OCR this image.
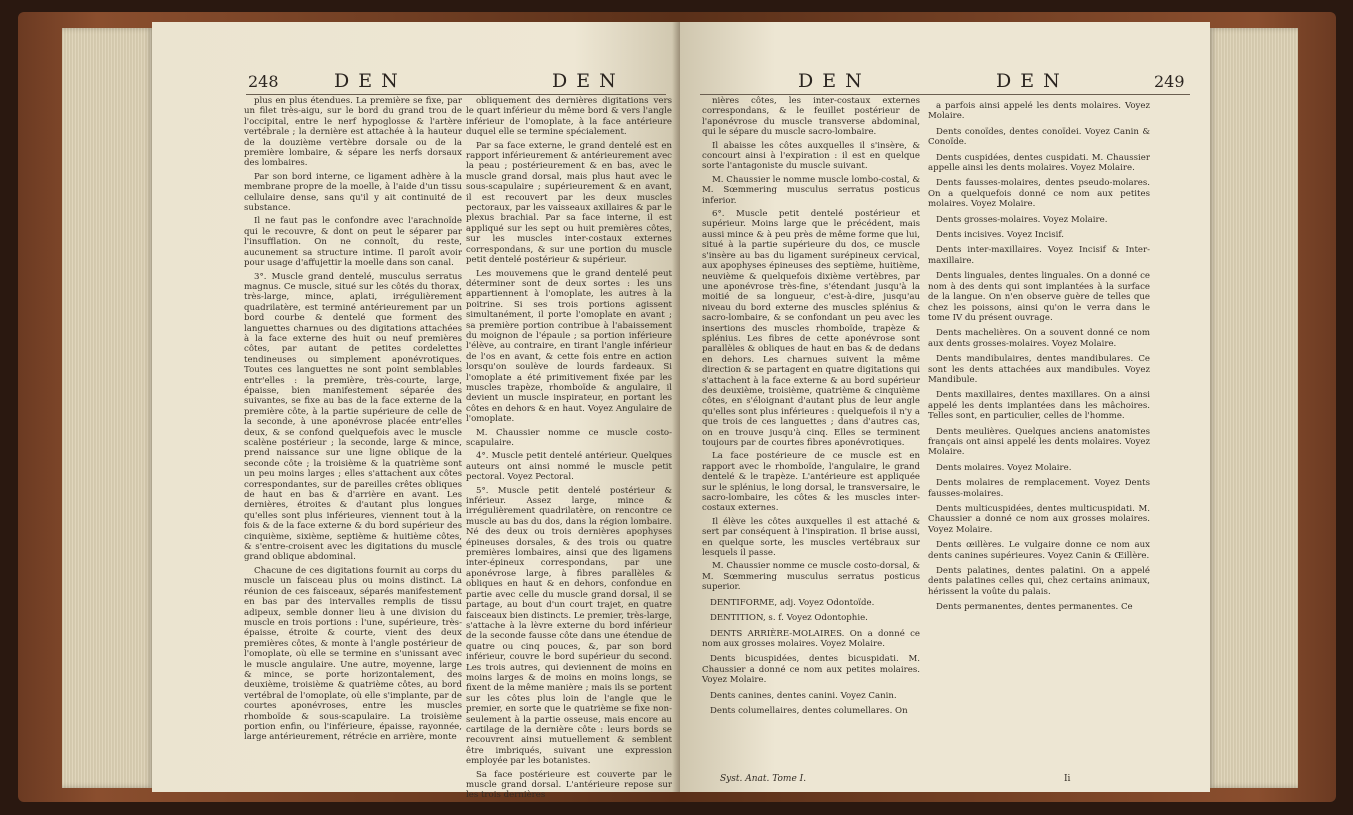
248	DEN	DEN

plus en plus étendues. La première se fixe, par un filet très-aigu, sur le bord du grand trou de l'occipital, entre le nerf hypoglosse & l'artère vertébrale ; la dernière est attachée à la hauteur de la douzième vertèbre dorsale ou de la première lombaire, & sépare les nerfs dorsaux des lombaires.

Par son bord interne, ce ligament adhère à la membrane propre de la moelle, à l'aide d'un tissu cellulaire dense, sans qu'il y ait continuité de substance.

Il ne faut pas le confondre avec l'arachnoïde qui le recouvre, & dont on peut le séparer par l'insufflation. On ne connoît, du reste, aucunement sa structure intime. Il paroît avoir pour usage d'affujettir la moelle dans son canal.

3°. Muscle grand dentelé, musculus serratus magnus. Ce muscle, situé sur les côtés du thorax, très-large, mince, aplati, irrégulièrement quadrilatère, est terminé antérieurement par un bord courbe & dentelé que forment des languettes charnues ou des digitations attachées à la face externe des huit ou neuf premières côtes, par autant de petites cordelettes tendineuses ou simplement aponévrotiques. Toutes ces languettes ne sont point semblables entr'elles : la première, très-courte, large, épaisse, bien manifestement séparée des suivantes, se fixe au bas de la face externe de la première côte, à la partie supérieure de celle de la seconde, à une aponévrose placée entr'elles deux, & se confond quelquefois avec le muscle scalène postérieur ; la seconde, large & mince, prend naissance sur une ligne oblique de la seconde côte ; la troisième & la quatrième sont un peu moins larges ; elles s'attachent aux côtes correspondantes, sur de pareilles crêtes obliques de haut en bas & d'arrière en avant. Les dernières, étroites & d'autant plus longues qu'elles sont plus inférieures, viennent tout à la fois & de la face externe & du bord supérieur des cinquième, sixième, septième & huitième côtes, & s'entre-croisent avec les digitations du muscle grand oblique abdominal.

Chacune de ces digitations fournit au corps du muscle un faisceau plus ou moins distinct. La réunion de ces faisceaux, séparés manifestement en bas par des intervalles remplis de tissu adipeux, semble donner lieu à une division du muscle en trois portions : l'une, supérieure, très-épaisse, étroite & courte, vient des deux premières côtes, & monte à l'angle postérieur de l'omoplate, où elle se termine en s'unissant avec le muscle angulaire. Une autre, moyenne, large & mince, se porte horizontalement, des deuxième, troisième & quatrième côtes, au bord vertébral de l'omoplate, où elle s'implante, par de courtes aponévroses, entre les muscles rhomboïde & sous-scapulaire. La troisième portion enfin, ou l'inférieure, épaisse, rayonnée, large antérieurement, rétrécie en arrière, monte

obliquement des dernières digitations vers le quart inférieur du même bord & vers l'angle inférieur de l'omoplate, à la face antérieure duquel elle se termine spécialement.

Par sa face externe, le grand dentelé est en rapport inférieurement & antérieurement avec la peau ; postérieurement & en bas, avec le muscle grand dorsal, mais plus haut avec le sous-scapulaire ; supérieurement & en avant, il est recouvert par les deux muscles pectoraux, par les vaisseaux axillaires & par le plexus brachial. Par sa face interne, il est appliqué sur les sept ou huit premières côtes, sur les muscles inter-costaux externes correspondans, & sur une portion du muscle petit dentelé postérieur & supérieur.

Les mouvemens que le grand dentelé peut déterminer sont de deux sortes : les uns appartiennent à l'omoplate, les autres à la poitrine. Si ses trois portions agissent simultanément, il porte l'omoplate en avant ; sa première portion contribue à l'abaissement du moignon de l'épaule ; sa portion inférieure l'élève, au contraire, en tirant l'angle inférieur de l'os en avant, & cette fois entre en action lorsqu'on soulève de lourds fardeaux. Si l'omoplate a été primitivement fixée par les muscles trapèze, rhomboïde & angulaire, il devient un muscle inspirateur, en portant les côtes en dehors & en haut. Voyez Angulaire de l'omoplate.

M. Chaussier nomme ce muscle costo-scapulaire.

4°. Muscle petit dentelé antérieur. Quelques auteurs ont ainsi nommé le muscle petit pectoral. Voyez Pectoral.

5°. Muscle petit dentelé postérieur & inférieur. Assez large, mince & irrégulièrement quadrilatère, on rencontre ce muscle au bas du dos, dans la région lombaire. Né des deux ou trois dernières apophyses épineuses dorsales, & des trois ou quatre premières lombaires, ainsi que des ligamens inter-épineux correspondans, par une aponévrose large, à fibres parallèles & obliques en haut & en dehors, confondue en partie avec celle du muscle grand dorsal, il se partage, au bout d'un court trajet, en quatre faisceaux bien distincts. Le premier, très-large, s'attache à la lèvre externe du bord inférieur de la seconde fausse côte dans une étendue de quatre ou cinq pouces, &, par son bord inférieur, couvre le bord supérieur du second. Les trois autres, qui deviennent de moins en moins larges & de moins en moins longs, se fixent de la même manière ; mais ils se portent sur les côtes plus loin de l'angle que le premier, en sorte que le quatrième se fixe non-seulement à la partie osseuse, mais encore au cartilage de la dernière côte : leurs bords se recouvrent ainsi mutuellement & semblent être imbriqués, suivant une expression employée par les botanistes.

Sa face postérieure est couverte par le muscle grand dorsal. L'antérieure repose sur les trois dernières

DEN	DEN	249

nières côtes, les inter-costaux externes correspondans, & le feuillet postérieur de l'aponévrose du muscle transverse abdominal, qui le sépare du muscle sacro-lombaire.

Il abaisse les côtes auxquelles il s'insère, & concourt ainsi à l'expiration : il est en quelque sorte l'antagoniste du muscle suivant.

M. Chaussier le nomme muscle lombo-costal, & M. Sœmmering musculus serratus posticus inferior.

6°. Muscle petit dentelé postérieur et supérieur. Moins large que le précédent, mais aussi mince & à peu près de même forme que lui, situé à la partie supérieure du dos, ce muscle s'insère au bas du ligament surépineux cervical, aux apophyses épineuses des septième, huitième, neuvième & quelquefois dixième vertèbres, par une aponévrose très-fine, s'étendant jusqu'à la moitié de sa longueur, c'est-à-dire, jusqu'au niveau du bord externe des muscles splénius & sacro-lombaire, & se confondant un peu avec les insertions des muscles rhomboïde, trapèze & splénius. Les fibres de cette aponévrose sont parallèles & obliques de haut en bas & de dedans en dehors. Les charnues suivent la même direction & se partagent en quatre digitations qui s'attachent à la face externe & au bord supérieur des deuxième, troisième, quatrième & cinquième côtes, en s'éloignant d'autant plus de leur angle qu'elles sont plus inférieures : quelquefois il n'y a que trois de ces languettes ; dans d'autres cas, on en trouve jusqu'à cinq. Elles se terminent toujours par de courtes fibres aponévrotiques.

La face postérieure de ce muscle est en rapport avec le rhomboïde, l'angulaire, le grand dentelé & le trapèze. L'antérieure est appliquée sur le splénius, le long dorsal, le transversaire, le sacro-lombaire, les côtes & les muscles inter-costaux externes.

Il élève les côtes auxquelles il est attaché & sert par conséquent à l'inspiration. Il brise aussi, en quelque sorte, les muscles vertébraux sur lesquels il passe.

M. Chaussier nomme ce muscle costo-dorsal, & M. Sœmmering musculus serratus posticus superior.

DENTIFORME, adj. Voyez Odontoïde.

DENTITION, s. f. Voyez Odontophie.

DENTS ARRIÈRE-MOLAIRES. On a donné ce nom aux grosses molaires. Voyez Molaire.

Dents bicuspidées, dentes bicuspidati. M. Chaussier a donné ce nom aux petites molaires. Voyez Molaire.

Dents canines, dentes canini. Voyez Canin.

Dents columellaires, dentes columellares. On

a parfois ainsi appelé les dents molaires. Voyez Molaire.

Dents conoïdes, dentes conoïdei. Voyez Canin & Conoïde.

Dents cuspidées, dentes cuspidati. M. Chaussier appelle ainsi les dents molaires. Voyez Molaire.

Dents fausses-molaires, dentes pseudo-molares. On a quelquefois donné ce nom aux petites molaires. Voyez Molaire.

Dents grosses-molaires. Voyez Molaire.

Dents incisives. Voyez Incisif.

Dents inter-maxillaires. Voyez Incisif & Inter-maxillaire.

Dents linguales, dentes linguales. On a donné ce nom à des dents qui sont implantées à la surface de la langue. On n'en observe guère de telles que chez les poissons, ainsi qu'on le verra dans le tome IV du présent ouvrage.

Dents machelières. On a souvent donné ce nom aux dents grosses-molaires. Voyez Molaire.

Dents mandibulaires, dentes mandibulares. Ce sont les dents attachées aux mandibules. Voyez Mandibule.

Dents maxillaires, dentes maxillares. On a ainsi appelé les dents implantées dans les mâchoires. Telles sont, en particulier, celles de l'homme.

Dents meulières. Quelques anciens anatomistes français ont ainsi appelé les dents molaires. Voyez Molaire.

Dents molaires. Voyez Molaire.

Dents molaires de remplacement. Voyez Dents fausses-molaires.

Dents multicuspidées, dentes multicuspidati. M. Chaussier a donné ce nom aux grosses molaires. Voyez Molaire.

Dents œillères. Le vulgaire donne ce nom aux dents canines supérieures. Voyez Canin & Œillère.

Dents palatines, dentes palatini. On a appelé dents palatines celles qui, chez certains animaux, hérissent la voûte du palais.

Dents permanentes, dentes permanentes. Ce

Syst. Anat. Tome I.	Ii
